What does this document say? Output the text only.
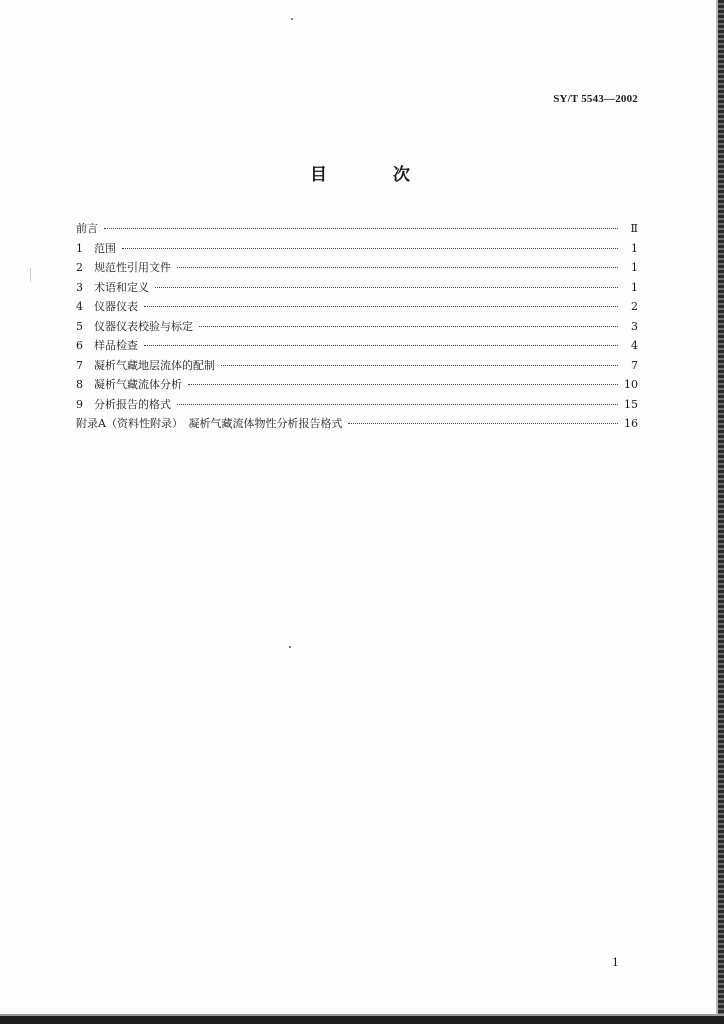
SY/T 5543—2002
目	次
前言	Ⅱ
1	范围	1
2	规范性引用文件	1
3	术语和定义	1
4	仪器仪表	2
5	仪器仪表校验与标定	3
6	样品检查	4
7	凝析气藏地层流体的配制	7
8	凝析气藏流体分析	10
9	分析报告的格式	15
附录A（资料性附录）　凝析气藏流体物性分析报告格式	16
1
